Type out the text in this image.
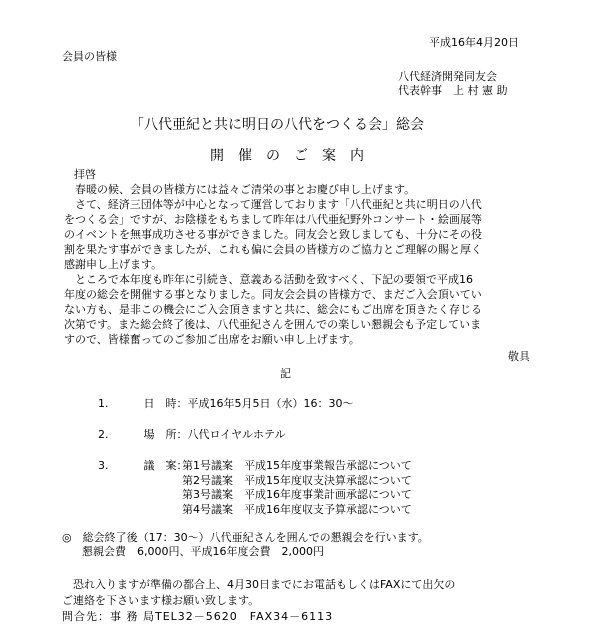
平成16年4月20日
会員の皆様
八代経済開発同友会
代表幹事　上 村 憲 助
「八代亜紀と共に明日の八代をつくる会」総会
開催のご案内
拝啓
春暖の候、会員の皆様方には益々ご清栄の事とお慶び申し上げます。
さて、経済三団体等が中心となって運営しております「八代亜紀と共に明日の八代
をつくる会」ですが、お陰様をもちまして昨年は八代亜紀野外コンサート・絵画展等
のイベントを無事成功させる事ができました。同友会と致しましても、十分にその役
割を果たす事ができましたが、これも偏に会員の皆様方のご協力とご理解の賜と厚く
感謝申し上げます。
ところで本年度も昨年に引続き、意義ある活動を致すべく、下記の要領で平成16
年度の総会を開催する事となりました。同友会会員の皆様方で、まだご入会頂いてい
ない方も、是非この機会にご入会頂きますと共に、総会にもご出席を頂きたく存じる
次第です。また総会終了後は、八代亜紀さんを囲んでの楽しい懇親会も予定していま
すので、皆様奮ってのご参加ご出席をお願い申し上げます。
敬具
記
1.	日　時：平成16年5月5日（水）16：30～
2.	場　所：八代ロイヤルホテル
3.	議　案：
第1号議案　平成15年度事業報告承認について
第2号議案　平成15年度収支決算承認について
第3号議案　平成16年度事業計画承認について
第4号議案　平成16年度収支予算承認について
◎　総会終了後（17：30～）八代亜紀さんを囲んでの懇親会を行います。
懇親会費　6,000円、平成16年度会費　2,000円
恐れ入りますが準備の都合上、4月30日までにお電話もしくはFAXにて出欠の
ご連絡を下さいます様お願い致します。
問合先：事 務 局TEL32－5620　FAX34－6113
